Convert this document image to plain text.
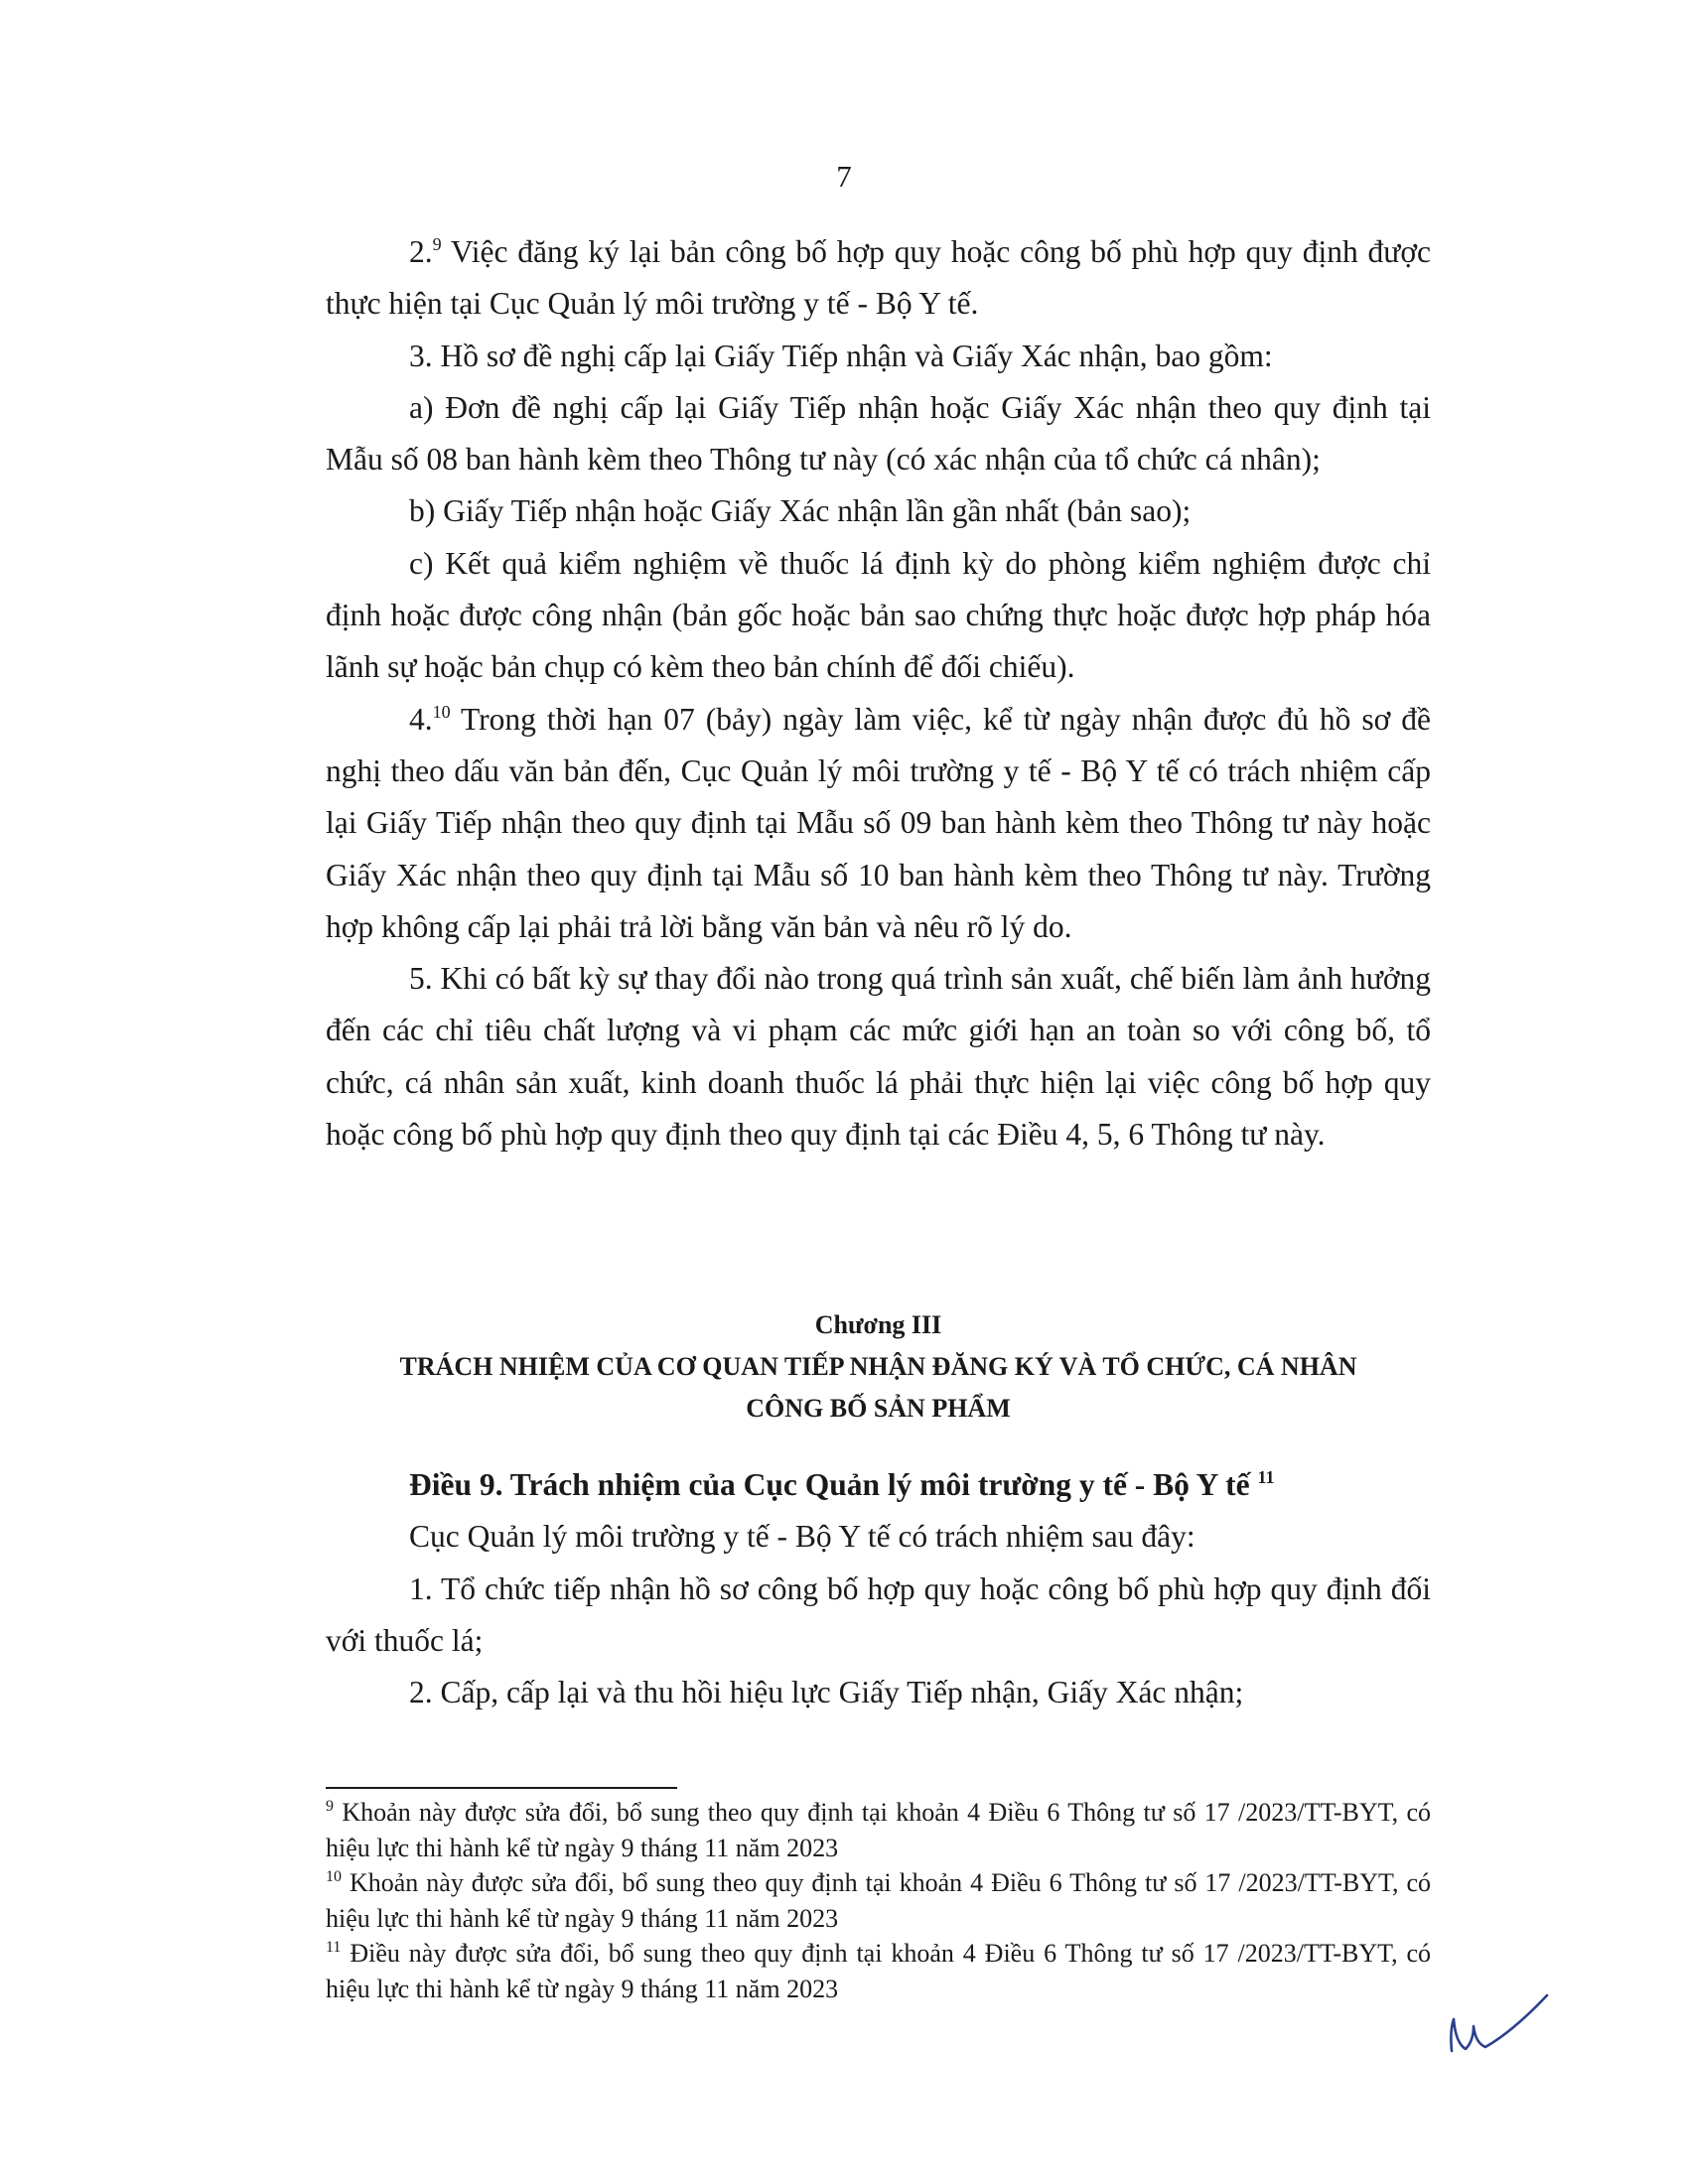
7

2.$^9$ Việc đăng ký lại bản công bố hợp quy hoặc công bố phù hợp quy định được thực hiện tại Cục Quản lý môi trường y tế - Bộ Y tế.

3. Hồ sơ đề nghị cấp lại Giấy Tiếp nhận và Giấy Xác nhận, bao gồm:

a) Đơn đề nghị cấp lại Giấy Tiếp nhận hoặc Giấy Xác nhận theo quy định tại Mẫu số 08 ban hành kèm theo Thông tư này (có xác nhận của tổ chức cá nhân);

b) Giấy Tiếp nhận hoặc Giấy Xác nhận lần gần nhất (bản sao);

c) Kết quả kiểm nghiệm về thuốc lá định kỳ do phòng kiểm nghiệm được chỉ định hoặc được công nhận (bản gốc hoặc bản sao chứng thực hoặc được hợp pháp hóa lãnh sự hoặc bản chụp có kèm theo bản chính để đối chiếu).

4.10 Trong thời hạn 07 (bảy) ngày làm việc, kể từ ngày nhận được đủ hồ sơ đề nghị theo dấu văn bản đến, Cục Quản lý môi trường y tế - Bộ Y tế có trách nhiệm cấp lại Giấy Tiếp nhận theo quy định tại Mẫu số 09 ban hành kèm theo Thông tư này hoặc Giấy Xác nhận theo quy định tại Mẫu số 10 ban hành kèm theo Thông tư này. Trường hợp không cấp lại phải trả lời bằng văn bản và nêu rõ lý do.

5. Khi có bất kỳ sự thay đổi nào trong quá trình sản xuất, chế biến làm ảnh hưởng đến các chỉ tiêu chất lượng và vi phạm các mức giới hạn an toàn so với công bố, tổ chức, cá nhân sản xuất, kinh doanh thuốc lá phải thực hiện lại việc công bố hợp quy hoặc công bố phù hợp quy định theo quy định tại các Điều 4, 5, 6 Thông tư này.

Chương III
TRÁCH NHIỆM CỦA CƠ QUAN TIẾP NHẬN ĐĂNG KÝ VÀ TỔ CHỨC, CÁ NHÂN
CÔNG BỐ SẢN PHẨM

Điều 9. Trách nhiệm của Cục Quản lý môi trường y tế - Bộ Y tế $^{11}$

Cục Quản lý môi trường y tế - Bộ Y tế có trách nhiệm sau đây:

1. Tổ chức tiếp nhận hồ sơ công bố hợp quy hoặc công bố phù hợp quy định đối với thuốc lá;

2. Cấp, cấp lại và thu hồi hiệu lực Giấy Tiếp nhận, Giấy Xác nhận;

$^9$ Khoản này được sửa đổi, bổ sung theo quy định tại khoản 4 Điều 6 Thông tư số 17 /2023/TT-BYT, có hiệu lực thi hành kể từ ngày 9 tháng 11 năm 2023

$^{10}$ Khoản này được sửa đổi, bổ sung theo quy định tại khoản 4 Điều 6 Thông tư số 17 /2023/TT-BYT, có hiệu lực thi hành kể từ ngày 9 tháng 11 năm 2023

$^{11}$ Điều này được sửa đổi, bổ sung theo quy định tại khoản 4 Điều 6 Thông tư số 17 /2023/TT-BYT, có hiệu lực thi hành kể từ ngày 9 tháng 11 năm 2023
